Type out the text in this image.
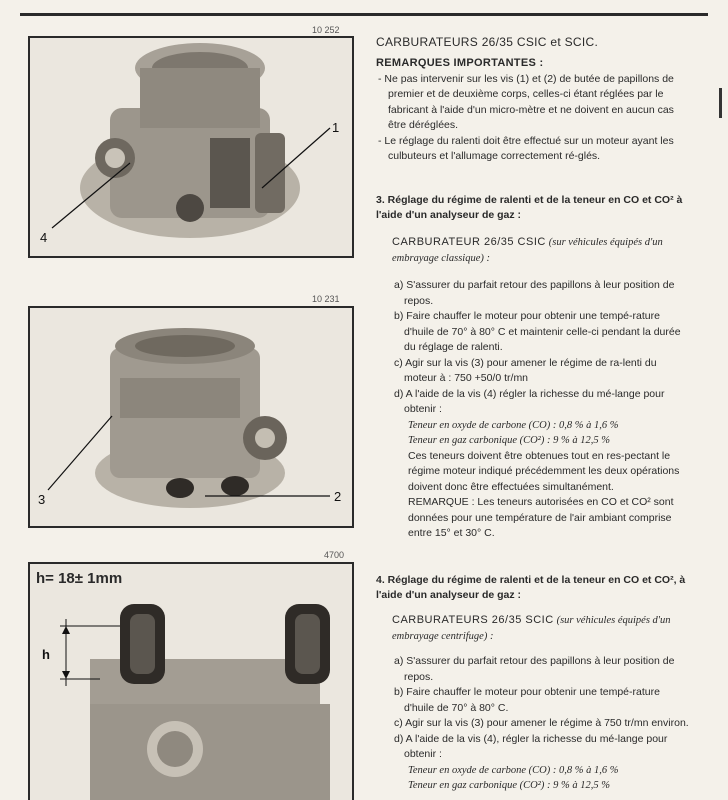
10 252
1
4
10 231
3	2
4700
h
h= 18± 1mm
CARBURATEURS 26/35 CSIC et SCIC.

REMARQUES IMPORTANTES :

- Ne pas intervenir sur les vis (1) et (2) de butée de papillons de premier et de deuxième corps, celles-ci étant réglées par le fabricant à l'aide d'un micro-mètre et ne doivent en aucun cas être déréglées.

- Le réglage du ralenti doit être effectué sur un moteur ayant les culbuteurs et l'allumage correctement ré-glés.

3. Réglage du régime de ralenti et de la teneur en CO et CO² à l'aide d'un analyseur de gaz :

CARBURATEUR 26/35 CSIC (sur véhicules équipés d'un embrayage classique) :

a) S'assurer du parfait retour des papillons à leur position de repos.

b) Faire chauffer le moteur pour obtenir une tempé-rature d'huile de 70° à 80° C et maintenir celle-ci pendant la durée du réglage de ralenti.

c) Agir sur la vis (3) pour amener le régime de ra-lenti du moteur à : 750 +50/0 tr/mn

d) A l'aide de la vis (4) régler la richesse du mé-lange pour obtenir :

Teneur en oxyde de carbone (CO) : 0,8 % à 1,6 %

Teneur en gaz carbonique (CO²) : 9 % à 12,5 %

Ces teneurs doivent être obtenues tout en res-pectant le régime moteur indiqué précédemment les deux opérations doivent donc être effectuées simultanément.

REMARQUE : Les teneurs autorisées en CO et CO² sont données pour une température de l'air ambiant comprise entre 15° et 30° C.

4. Réglage du régime de ralenti et de la teneur en CO et CO², à l'aide d'un analyseur de gaz :

CARBURATEURS 26/35 SCIC (sur véhicules équipés d'un embrayage centrifuge) :

a) S'assurer du parfait retour des papillons à leur position de repos.

b) Faire chauffer le moteur pour obtenir une tempé-rature d'huile de 70° à 80° C.

c) Agir sur la vis (3) pour amener le régime à 750 tr/mn environ.

d) A l'aide de la vis (4), régler la richesse du mé-lange pour obtenir :

Teneur en oxyde de carbone (CO) : 0,8 % à 1,6 %

Teneur en gaz carbonique (CO²) : 9 % à 12,5 %
